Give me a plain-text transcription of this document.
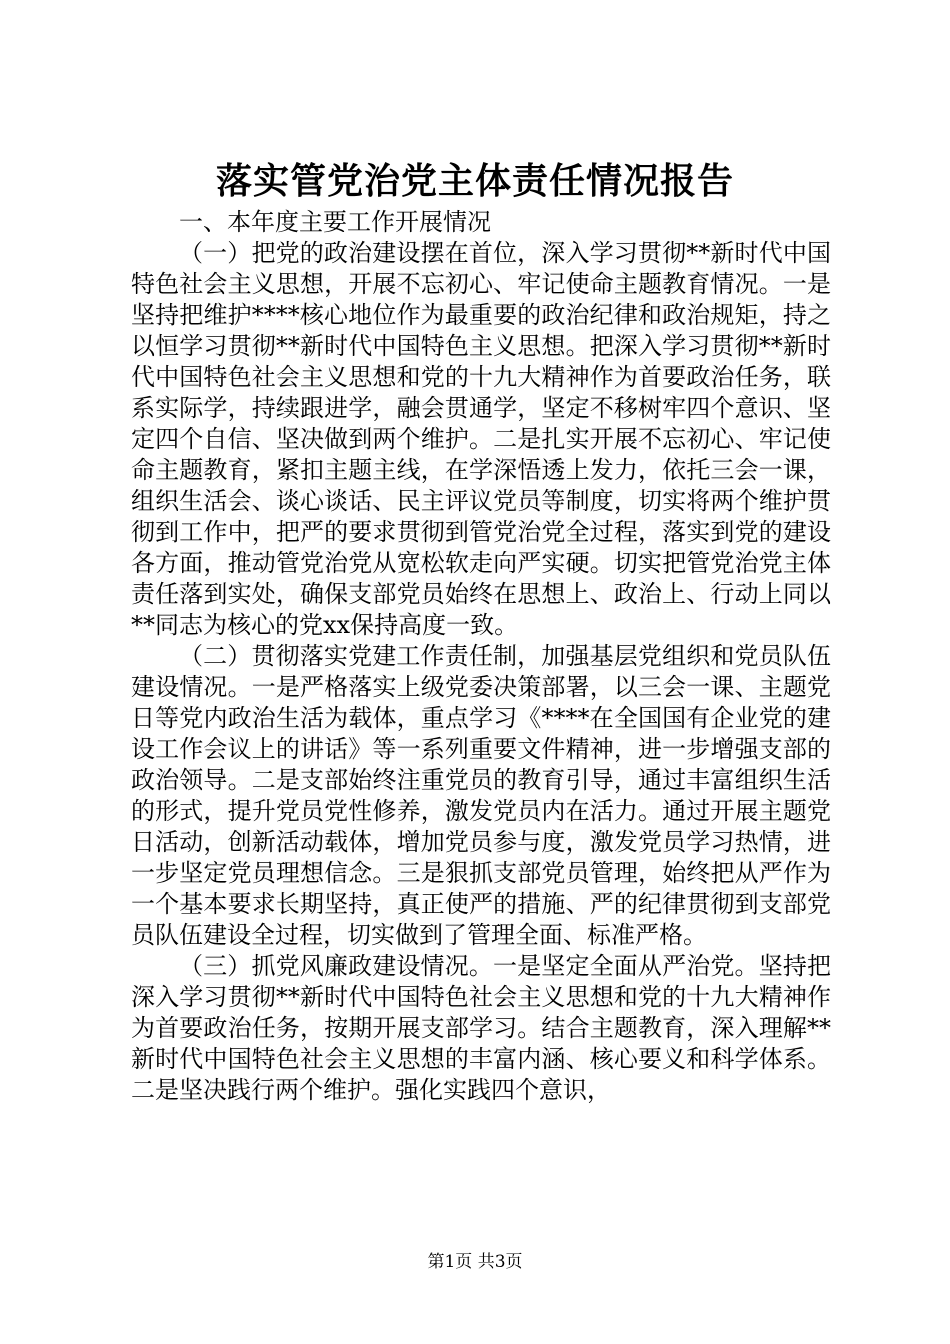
落实管党治党主体责任情况报告

一、本年度主要工作开展情况

（一）把党的政治建设摆在首位，深入学习贯彻**新时代中国特色社会主义思想，开展不忘初心、牢记使命主题教育情况。一是坚持把维护****核心地位作为最重要的政治纪律和政治规矩，持之以恒学习贯彻**新时代中国特色主义思想。把深入学习贯彻**新时代中国特色社会主义思想和党的十九大精神作为首要政治任务，联系实际学，持续跟进学，融会贯通学，坚定不移树牢四个意识、坚定四个自信、坚决做到两个维护。二是扎实开展不忘初心、牢记使命主题教育，紧扣主题主线，在学深悟透上发力，依托三会一课，组织生活会、谈心谈话、民主评议党员等制度，切实将两个维护贯彻到工作中，把严的要求贯彻到管党治党全过程，落实到党的建设各方面，推动管党治党从宽松软走向严实硬。切实把管党治党主体责任落到实处，确保支部党员始终在思想上、政治上、行动上同以**同志为核心的党xx保持高度一致。

（二）贯彻落实党建工作责任制，加强基层党组织和党员队伍建设情况。一是严格落实上级党委决策部署，以三会一课、主题党日等党内政治生活为载体，重点学习《****在全国国有企业党的建设工作会议上的讲话》等一系列重要文件精神，进一步增强支部的政治领导。二是支部始终注重党员的教育引导，通过丰富组织生活的形式，提升党员党性修养，激发党员内在活力。通过开展主题党日活动，创新活动载体，增加党员参与度，激发党员学习热情，进一步坚定党员理想信念。三是狠抓支部党员管理，始终把从严作为一个基本要求长期坚持，真正使严的措施、严的纪律贯彻到支部党员队伍建设全过程，切实做到了管理全面、标准严格。

（三）抓党风廉政建设情况。一是坚定全面从严治党。坚持把深入学习贯彻**新时代中国特色社会主义思想和党的十九大精神作为首要政治任务，按期开展支部学习。结合主题教育，深入理解**新时代中国特色社会主义思想的丰富内涵、核心要义和科学体系。二是坚决践行两个维护。强化实践四个意识，

第1页 共3页
